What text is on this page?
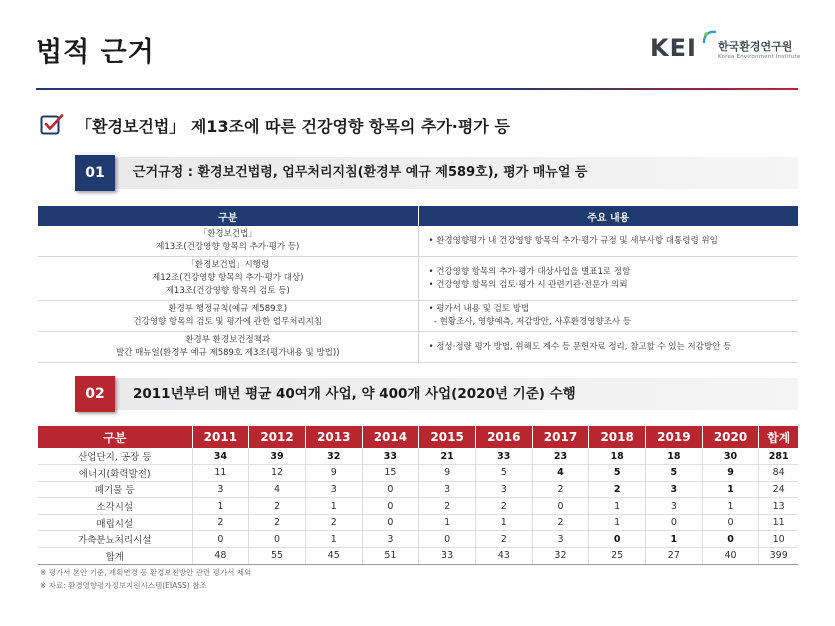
법적 근거	KEI 한국환경연구원
Korea Environment Institute
「환경보건법」 제13조에 따른 건강영향 항목의 추가·평가 등
01	근거규정 : 환경보건법령, 업무처리지침(환경부 예규 제589호), 평가 매뉴얼 등
구분	주요 내용

「환경보건법」
제13조(건강영향 항목의 추가·평가 등)	• 환경영향평가 내 건강영향 항목의 추가·평가 규정 및 세부사항 대통령령 위임

「환경보건법」시행령
제12조(건강영향 항목의 추가·평가 대상)
제13조(건강영향 항목의 검토 등)	• 건강영향 항목의 추가·평가 대상사업을 별표1로 정함
• 건강영향 항목의 검토·평가 시 관련기관·전문가 의뢰

환경부 행정규칙(예규 제589호)
건강영향 항목의 검토 및 평가에 관한 업무처리지침	• 평가서 내용 및 검토 방법
- 현황조사, 영향예측, 저감방안, 사후환경영향조사 등

환경부 환경보건정책과
발간 매뉴얼(환경부 예규 제589호 제3조(평가내용 및 방법))	• 정성·정량 평가 방법, 위해도 계수 등 문헌자료 정리, 참고할 수 있는 저감방안 등
02	2011년부터 매년 평균 40여개 사업, 약 400개 사업(2020년 기준) 수행
구분	2011	2012	2013	2014	2015	2016	2017	2018	2019	2020	합계
산업단지, 공장 등	34	39	32	33	21	33	23	18	18	30	281
에너지(화력발전)	11	12	9	15	9	5	4	5	5	9	84
폐기물 등	3	4	3	0	3	3	2	2	3	1	24
소각시설	1	2	1	0	2	2	0	1	3	1	13
매립시설	2	2	2	0	1	1	2	1	0	0	11
가축분뇨처리시설	0	0	1	3	0	2	3	0	1	0	10
합계	48	55	45	51	33	43	32	25	27	40	399
※ 평가서 본안 기준, 계획변경 등 환경보전방안 관련 평가서 제외
※ 자료: 환경영향평가정보지원시스템(EIASS) 참조
